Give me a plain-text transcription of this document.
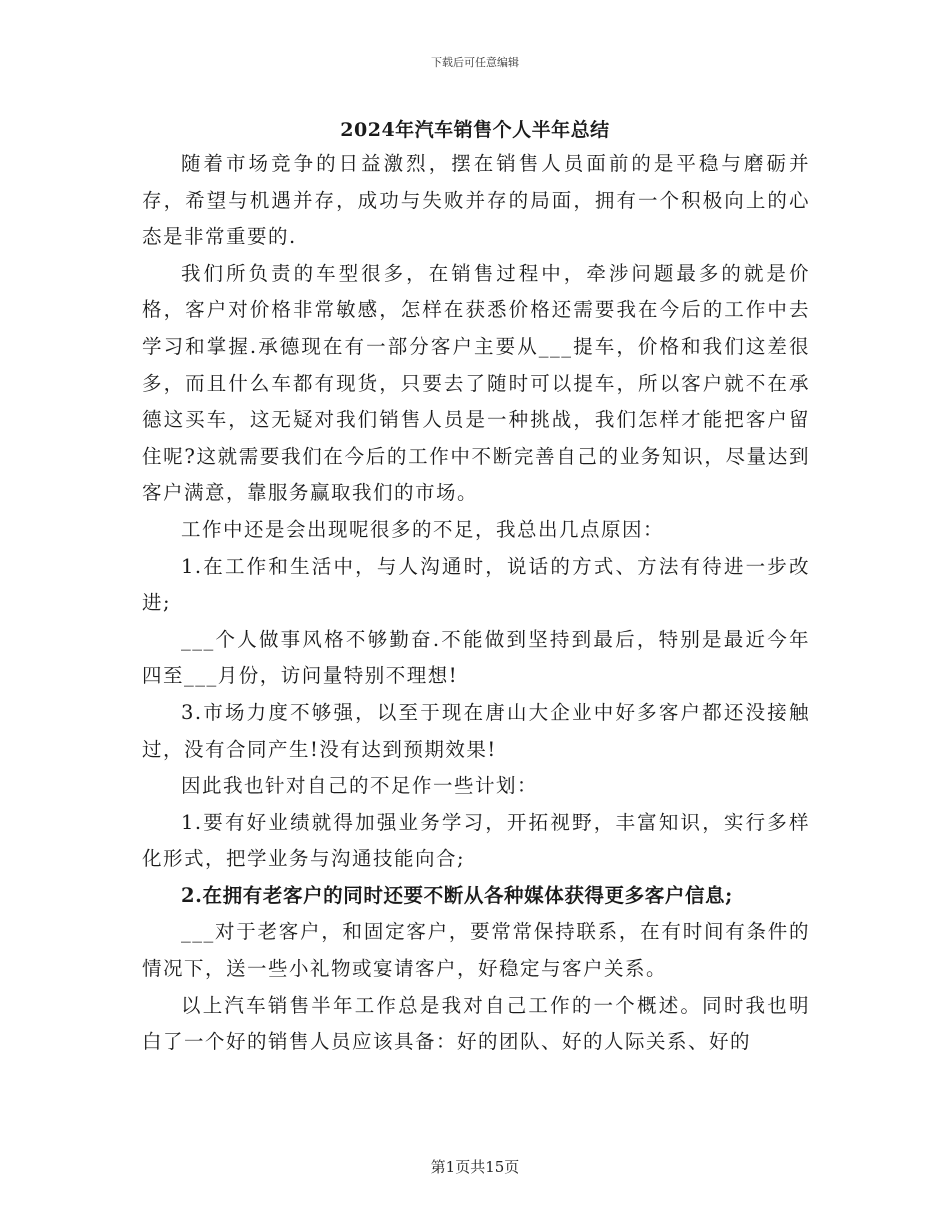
下载后可任意编辑
2024年汽车销售个人半年总结

随着市场竞争的日益激烈，摆在销售人员面前的是平稳与磨砺并存，希望与机遇并存，成功与失败并存的局面，拥有一个积极向上的心态是非常重要的.

我们所负责的车型很多，在销售过程中，牵涉问题最多的就是价格，客户对价格非常敏感，怎样在获悉价格还需要我在今后的工作中去学习和掌握.承德现在有一部分客户主要从___提车，价格和我们这差很多，而且什么车都有现货，只要去了随时可以提车，所以客户就不在承德这买车，这无疑对我们销售人员是一种挑战，我们怎样才能把客户留住呢?这就需要我们在今后的工作中不断完善自己的业务知识，尽量达到客户满意，靠服务赢取我们的市场。

工作中还是会出现呢很多的不足，我总出几点原因：

1.在工作和生活中，与人沟通时，说话的方式、方法有待进一步改进;

___个人做事风格不够勤奋.不能做到坚持到最后，特别是最近今年四至___月份，访问量特别不理想!

3.市场力度不够强，以至于现在唐山大企业中好多客户都还没接触过，没有合同产生!没有达到预期效果!

因此我也针对自己的不足作一些计划：

1.要有好业绩就得加强业务学习，开拓视野，丰富知识，实行多样化形式，把学业务与沟通技能向合;

2.在拥有老客户的同时还要不断从各种媒体获得更多客户信息;

___对于老客户，和固定客户，要常常保持联系，在有时间有条件的情况下，送一些小礼物或宴请客户，好稳定与客户关系。

以上汽车销售半年工作总是我对自己工作的一个概述。同时我也明白了一个好的销售人员应该具备：好的团队、好的人际关系、好的

第1页共15页
